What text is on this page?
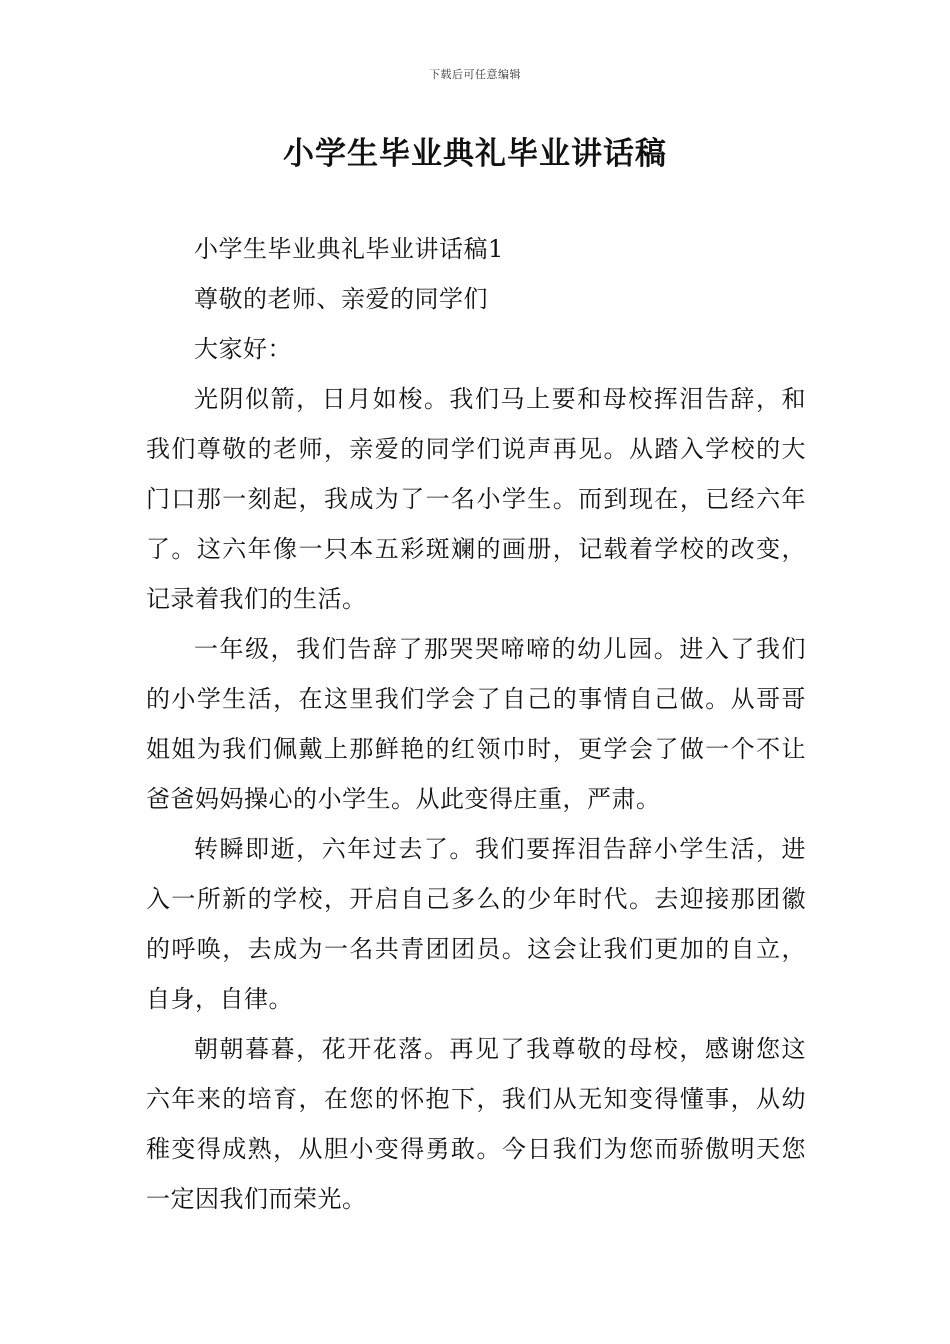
下载后可任意编辑
小学生毕业典礼毕业讲话稿

小学生毕业典礼毕业讲话稿1

尊敬的老师、亲爱的同学们

大家好：

光阴似箭，日月如梭。我们马上要和母校挥泪告辞，和我们尊敬的老师，亲爱的同学们说声再见。从踏入学校的大门口那一刻起，我成为了一名小学生。而到现在，已经六年了。这六年像一只本五彩斑斓的画册，记载着学校的改变，记录着我们的生活。

一年级，我们告辞了那哭哭啼啼的幼儿园。进入了我们的小学生活，在这里我们学会了自己的事情自己做。从哥哥姐姐为我们佩戴上那鲜艳的红领巾时，更学会了做一个不让爸爸妈妈操心的小学生。从此变得庄重，严肃。

转瞬即逝，六年过去了。我们要挥泪告辞小学生活，进入一所新的学校，开启自己多么的少年时代。去迎接那团徽的呼唤，去成为一名共青团团员。这会让我们更加的自立，自身，自律。

朝朝暮暮，花开花落。再见了我尊敬的母校，感谢您这六年来的培育，在您的怀抱下，我们从无知变得懂事，从幼稚变得成熟，从胆小变得勇敢。今日我们为您而骄傲明天您一定因我们而荣光。
